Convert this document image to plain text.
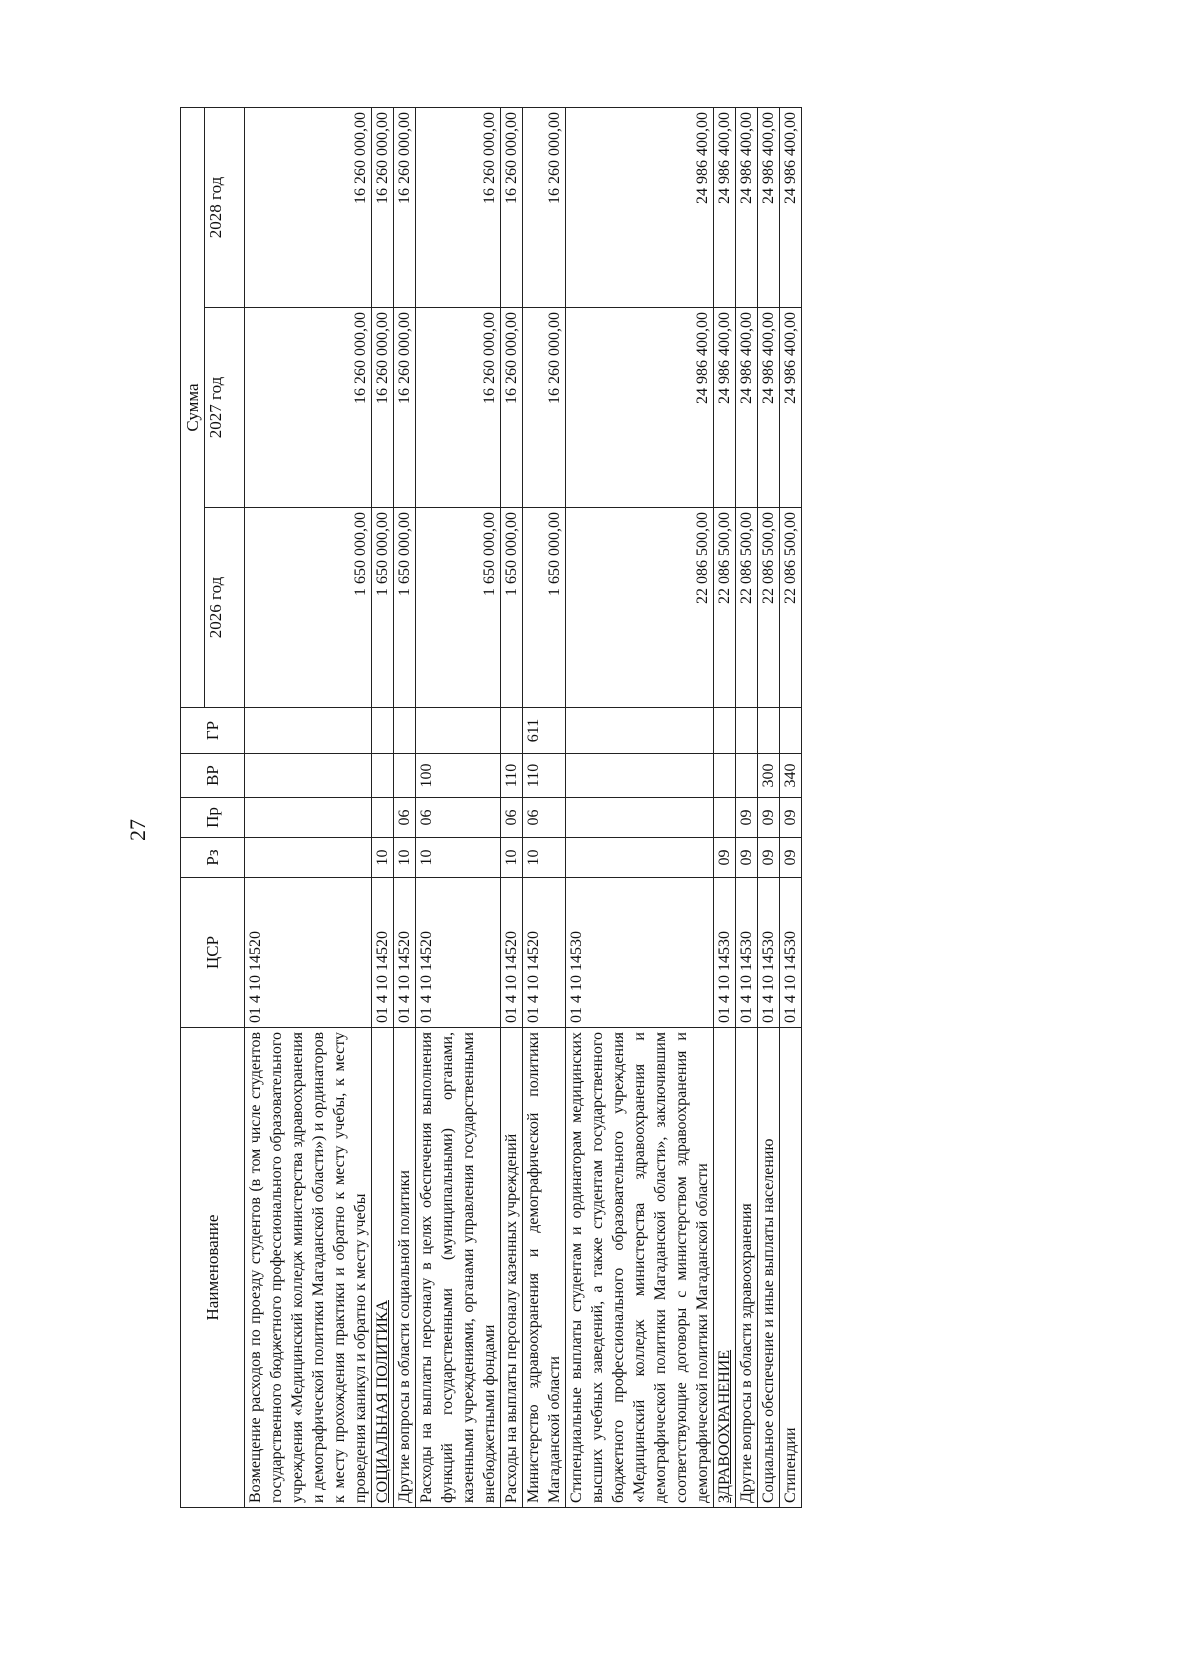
27
Наименование	ЦСР	Рз	Пр	ВР	ГР	Сумма		
						2026 год	2027 год	2028 год
Возмещение расходов по проезду студентов (в том числе студентов государственного бюджетного профессионального образовательного учреждения «Медицинский колледж министерства здравоохранения и демографической политики Магаданской области») и ординаторов к месту прохождения практики и обратно к месту учебы, к месту проведения каникул и обратно к месту учебы	01 4 10 14520					1 650 000,00	16 260 000,00	16 260 000,00
СОЦИАЛЬНАЯ ПОЛИТИКА	01 4 10 14520	10				1 650 000,00	16 260 000,00	16 260 000,00
Другие вопросы в области социальной политики	01 4 10 14520	10	06			1 650 000,00	16 260 000,00	16 260 000,00
Расходы на выплаты персоналу в целях обеспечения выполнения функций государственными (муниципальными) органами, казенными учреждениями, органами управления государственными внебюджетными фондами	01 4 10 14520	10	06	100		1 650 000,00	16 260 000,00	16 260 000,00
Расходы на выплаты персоналу казенных учреждений	01 4 10 14520	10	06	110		1 650 000,00	16 260 000,00	16 260 000,00
Министерство здравоохранения и демографической политики Магаданской области	01 4 10 14520	10	06	110	611	1 650 000,00	16 260 000,00	16 260 000,00
Стипендиальные выплаты студентам и ординаторам медицинских высших учебных заведений, а также студентам государственного бюджетного профессионального образовательного учреждения «Медицинский колледж министерства здравоохранения и демографической политики Магаданской области», заключившим соответствующие договоры с министерством здравоохранения и демографической политики Магаданской области	01 4 10 14530					22 086 500,00	24 986 400,00	24 986 400,00
ЗДРАВООХРАНЕНИЕ	01 4 10 14530	09				22 086 500,00	24 986 400,00	24 986 400,00
Другие вопросы в области здравоохранения	01 4 10 14530	09	09			22 086 500,00	24 986 400,00	24 986 400,00
Социальное обеспечение и иные выплаты населению	01 4 10 14530	09	09	300		22 086 500,00	24 986 400,00	24 986 400,00
Стипендии	01 4 10 14530	09	09	340		22 086 500,00	24 986 400,00	24 986 400,00
